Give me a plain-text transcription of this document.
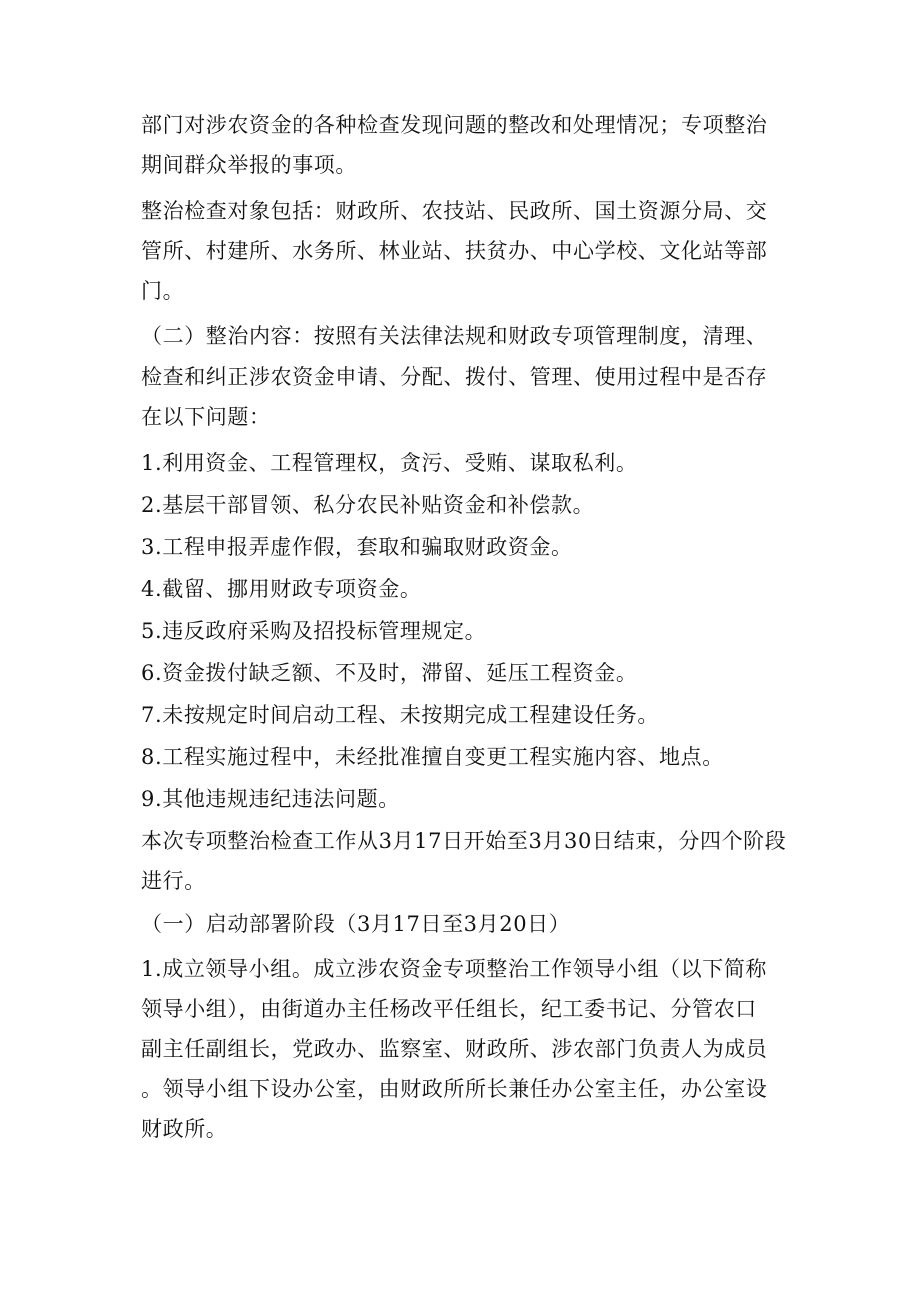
部门对涉农资金的各种检查发现问题的整改和处理情况；专项整治
期间群众举报的事项。
整治检查对象包括：财政所、农技站、民政所、国土资源分局、交
管所、村建所、水务所、林业站、扶贫办、中心学校、文化站等部
门。
（二）整治内容：按照有关法律法规和财政专项管理制度，清理、
检查和纠正涉农资金申请、分配、拨付、管理、使用过程中是否存
在以下问题：
1.利用资金、工程管理权，贪污、受贿、谋取私利。
2.基层干部冒领、私分农民补贴资金和补偿款。
3.工程申报弄虚作假，套取和骗取财政资金。
4.截留、挪用财政专项资金。
5.违反政府采购及招投标管理规定。
6.资金拨付缺乏额、不及时，滞留、延压工程资金。
7.未按规定时间启动工程、未按期完成工程建设任务。
8.工程实施过程中，未经批准擅自变更工程实施内容、地点。
9.其他违规违纪违法问题。
本次专项整治检查工作从3月17日开始至3月30日结束，分四个阶段
进行。
（一）启动部署阶段（3月17日至3月20日）
1.成立领导小组。成立涉农资金专项整治工作领导小组（以下简称
领导小组），由街道办主任杨改平任组长，纪工委书记、分管农口
副主任副组长，党政办、监察室、财政所、涉农部门负责人为成员
。领导小组下设办公室，由财政所所长兼任办公室主任，办公室设
财政所。
